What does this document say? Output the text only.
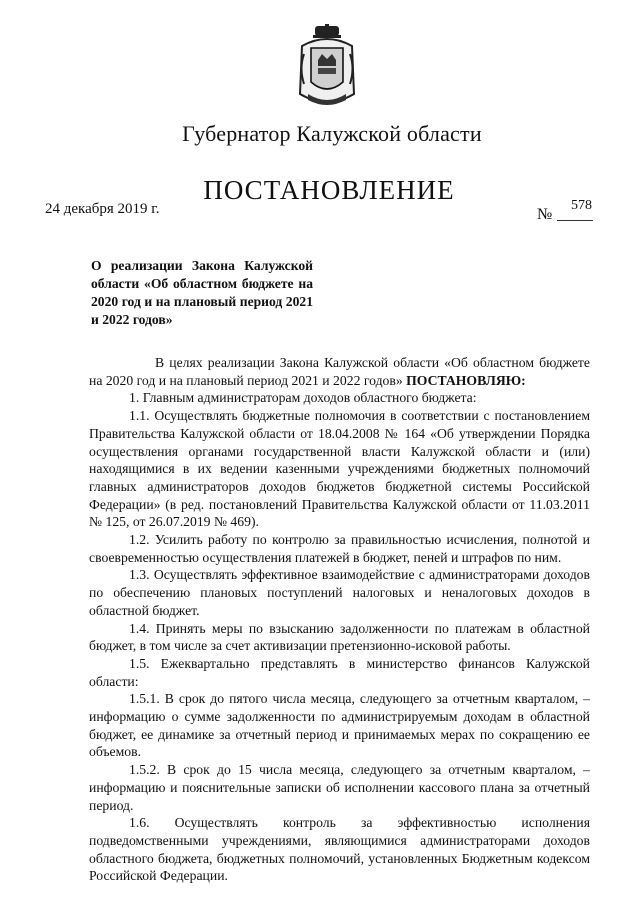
Губернатор Калужской области
ПОСТАНОВЛЕНИЕ
24 декабря 2019 г.	№
578
О реализации Закона Калужской области «Об областном бюджете на 2020 год и на плановый период 2021 и 2022 годов»

В целях реализации Закона Калужской области «Об областном бюджете на 2020 год и на плановый период 2021 и 2022 годов» ПОСТАНОВЛЯЮ:

1. Главным администраторам доходов областного бюджета:

1.1. Осуществлять бюджетные полномочия в соответствии с постановлением Правительства Калужской области от 18.04.2008 № 164 «Об утверждении Порядка осуществления органами государственной власти Калужской области и (или) находящимися в их ведении казенными учреждениями бюджетных полномочий главных администраторов доходов бюджетов бюджетной системы Российской Федерации» (в ред. постановлений Правительства Калужской области от 11.03.2011 № 125, от 26.07.2019 № 469).

1.2. Усилить работу по контролю за правильностью исчисления, полнотой и своевременностью осуществления платежей в бюджет, пеней и штрафов по ним.

1.3. Осуществлять эффективное взаимодействие с администраторами доходов по обеспечению плановых поступлений налоговых и неналоговых доходов в областной бюджет.

1.4. Принять меры по взысканию задолженности по платежам в областной бюджет, в том числе за счет активизации претензионно-исковой работы.

1.5. Ежеквартально представлять в министерство финансов Калужской области:

1.5.1. В срок до пятого числа месяца, следующего за отчетным кварталом, – информацию о сумме задолженности по администрируемым доходам в областной бюджет, ее динамике за отчетный период и принимаемых мерах по сокращению ее объемов.

1.5.2. В срок до 15 числа месяца, следующего за отчетным кварталом, – информацию и пояснительные записки об исполнении кассового плана за отчетный период.

1.6. Осуществлять контроль за эффективностью исполнения подведомственными учреждениями, являющимися администраторами доходов областного бюджета, бюджетных полномочий, установленных Бюджетным кодексом Российской Федерации.
